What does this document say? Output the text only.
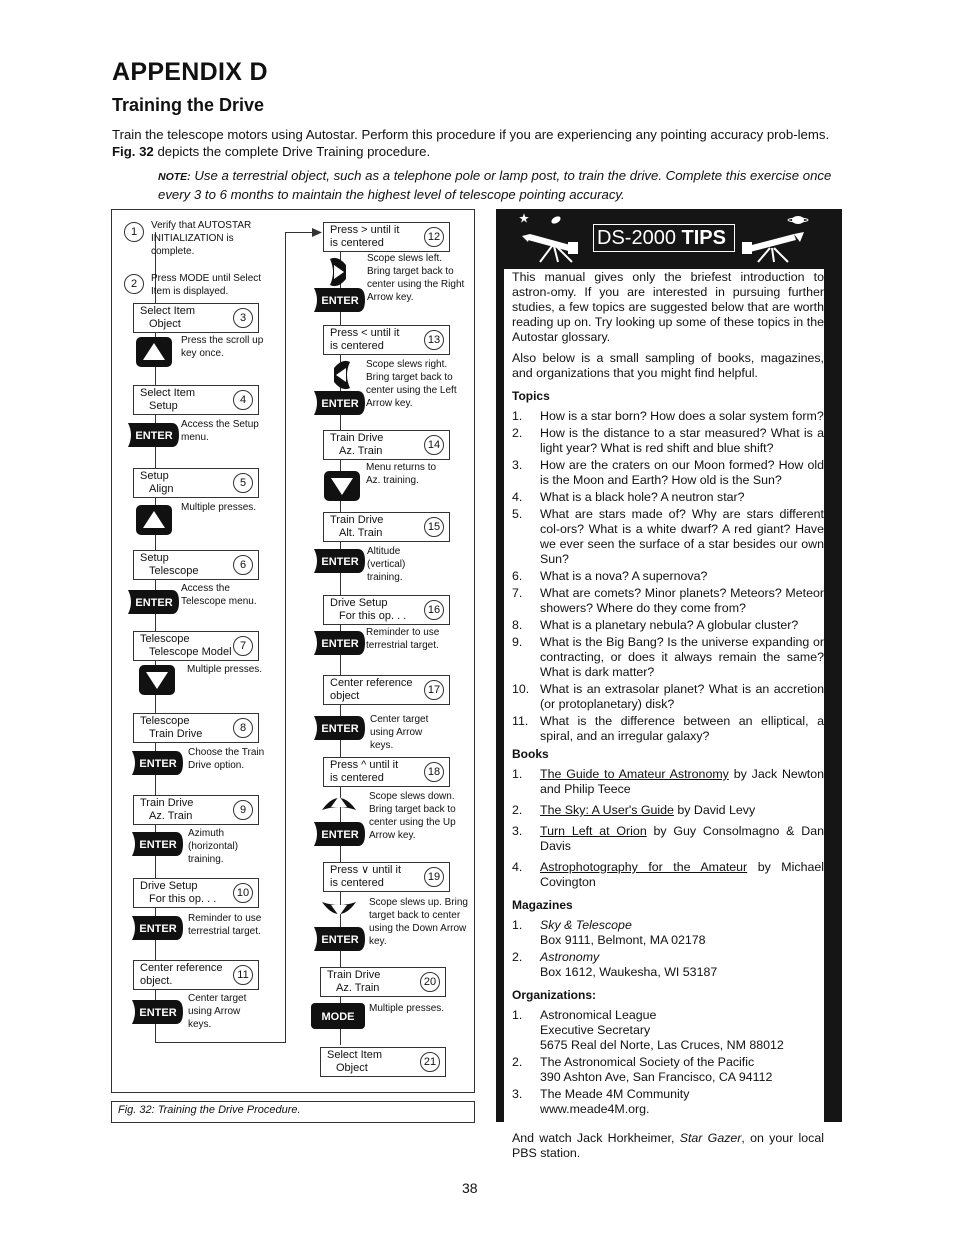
APPENDIX D
Training the Drive

Train the telescope motors using Autostar. Perform this procedure if you are experiencing any pointing accuracy prob-lems. Fig. 32 depicts the complete Drive Training procedure.

NOTE: Use a terrestrial object, such as a telephone pole or lamp post, to train the drive. Complete this exercise once every 3 to 6 months to maintain the highest level of telescope pointing accuracy.

Fig. 32: Training the Drive Procedure.
1
Verify that AUTOSTAR INITIALIZATION is complete.
2	Press MODE until Select Item is displayed.
Select Item
Object	3
Press the scroll up key once.
Select Item
Setup	4
ENTER
Access the Setup menu.
Setup
Align	5
Multiple presses.
Setup
Telescope	6
ENTER
Access the Telescope menu.
Telescope
Telescope Model 7
Multiple presses.
Telescope
Train Drive	8
ENTER
Choose the Train Drive option.
Train Drive
Az. Train	9
ENTER
Azimuth (horizontal) training.
Drive Setup
For this op. . .	10
ENTER
Reminder to use terrestrial target.
Center reference
object.	11
ENTER
Center target using Arrow keys.
Press > until it
is centered	12
ENTER
Scope slews left. Bring target back to center using the Right Arrow key.
Press < until it
is centered	13
ENTER
Scope slews right. Bring target back to center using the Left Arrow key.
Train Drive
Az. Train	14
Menu returns to Az. training.
Train Drive
Alt. Train	15
ENTER
Altitude (vertical) training.
Drive Setup
For this op. . .	16
ENTER
Reminder to use terrestrial target.
Center reference
object	17
ENTER
Center target using Arrow keys.
Press ^ until it
is centered	18
ENTER
Scope slews down. Bring target back to center using the Up Arrow key.
Press ∨ until it
is centered	19
ENTER
Scope slews up. Bring target back to center using the Down Arrow key.
Train Drive
Az. Train	20
MODE
Multiple presses.
Select Item
Object	21
DS-2000 TIPS

This manual gives only the briefest introduction to astron-omy. If you are interested in pursuing further studies, a few topics are suggested below that are worth reading up on. Try looking up some of these topics in the Autostar glossary.

Also below is a small sampling of books, magazines, and organizations that you might find helpful.

Topics
1. How is a star born? How does a solar system form?
2. How is the distance to a star measured? What is a light year? What is red shift and blue shift?
3. How are the craters on our Moon formed? How old is the Moon and Earth? How old is the Sun?
4. What is a black hole? A neutron star?
5. What are stars made of? Why are stars different col-ors? What is a white dwarf? A red giant? Have we ever seen the surface of a star besides our own Sun?
6. What is a nova? A supernova?
7. What are comets? Minor planets? Meteors? Meteor showers? Where do they come from?
8. What is a planetary nebula? A globular cluster?
9. What is the Big Bang? Is the universe expanding or contracting, or does it always remain the same? What is dark matter?
10. What is an extrasolar planet? What is an accretion (or protoplanetary) disk?
11. What is the difference between an elliptical, a spiral, and an irregular galaxy?
Books
1. The Guide to Amateur Astronomy by Jack Newton and Philip Teece
2. The Sky: A User's Guide by David Levy
3. Turn Left at Orion by Guy Consolmagno & Dan Davis
4. Astrophotography for the Amateur by Michael Covington
Magazines
1. Sky & Telescope
Box 9111, Belmont, MA 02178
2. Astronomy
Box 1612, Waukesha, WI 53187
Organizations:
1. Astronomical League
Executive Secretary
5675 Real del Norte, Las Cruces, NM 88012
2. The Astronomical Society of the Pacific
390 Ashton Ave, San Francisco, CA 94112
3. The Meade 4M Community
www.meade4M.org.

And watch Jack Horkheimer, Star Gazer, on your local PBS station.

38
